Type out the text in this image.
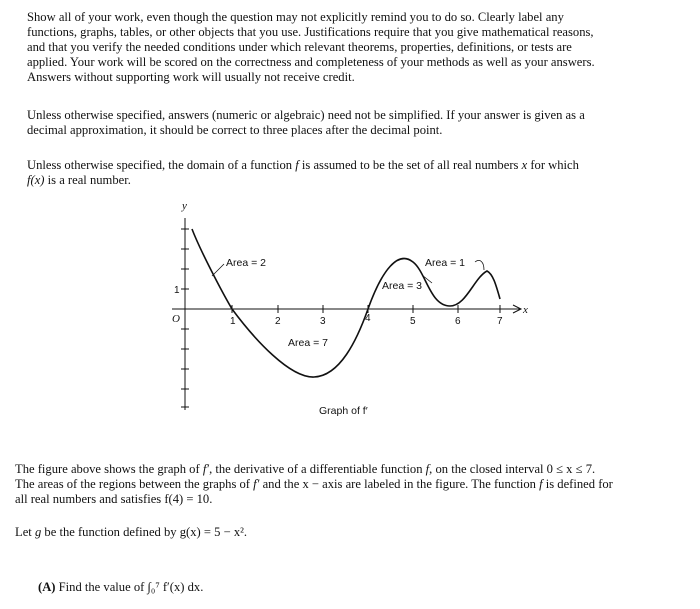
Show all of your work, even though the question may not explicitly remind you to do so. Clearly label any
functions, graphs, tables, or other objects that you use. Justifications require that you give mathematical reasons,
and that you verify the needed conditions under which relevant theorems, properties, definitions, or tests are
applied. Your work will be scored on the correctness and completeness of your methods as well as your answers.
Answers without supporting work will usually not receive credit.

Unless otherwise specified, answers (numeric or algebraic) need not be simplified. If your answer is given as a
decimal approximation, it should be correct to three places after the decimal point.

Unless otherwise specified, the domain of a function f is assumed to be the set of all real numbers x for which
f(x) is a real number.

y
x
O
1
1	2	3	4	5	6	7
Area = 2
Area = 7
Area = 3
Area = 1
Graph of f′

The figure above shows the graph of f′, the derivative of a differentiable function f, on the closed interval 0 ≤ x ≤ 7.
The areas of the regions between the graphs of f′ and the x − axis are labeled in the figure. The function f is defined for
all real numbers and satisfies f(4) = 10.

Let g be the function defined by g(x) = 5 − x².

(A) Find the value of ∫₀⁷ f′(x) dx.
